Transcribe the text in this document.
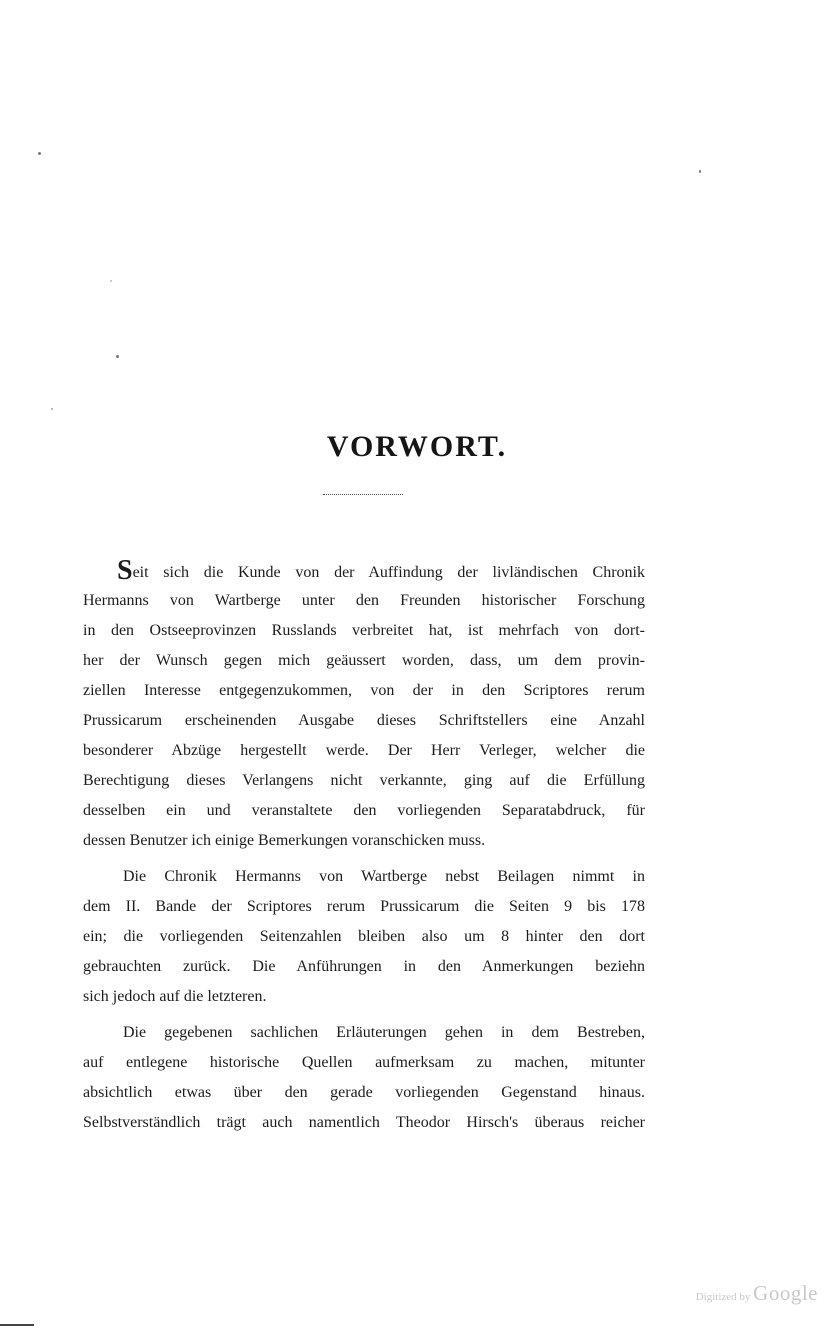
VORWORT.
Seit sich die Kunde von der Auffindung der livländischen Chronik
Hermanns von Wartberge unter den Freunden historischer Forschung
in den Ostseeprovinzen Russlands verbreitet hat, ist mehrfach von dort-
her der Wunsch gegen mich geäussert worden, dass, um dem provin-
ziellen Interesse entgegenzukommen, von der in den Scriptores rerum
Prussicarum erscheinenden Ausgabe dieses Schriftstellers eine Anzahl
besonderer Abzüge hergestellt werde. Der Herr Verleger, welcher die
Berechtigung dieses Verlangens nicht verkannte, ging auf die Erfüllung
desselben ein und veranstaltete den vorliegenden Separatabdruck, für
dessen Benutzer ich einige Bemerkungen voranschicken muss.
Die Chronik Hermanns von Wartberge nebst Beilagen nimmt in
dem II. Bande der Scriptores rerum Prussicarum die Seiten 9 bis 178
ein; die vorliegenden Seitenzahlen bleiben also um 8 hinter den dort
gebrauchten zurück. Die Anführungen in den Anmerkungen beziehn
sich jedoch auf die letzteren.
Die gegebenen sachlichen Erläuterungen gehen in dem Bestreben,
auf entlegene historische Quellen aufmerksam zu machen, mitunter
absichtlich etwas über den gerade vorliegenden Gegenstand hinaus.
Selbstverständlich trägt auch namentlich Theodor Hirsch's überaus reicher
Digitized by Google
